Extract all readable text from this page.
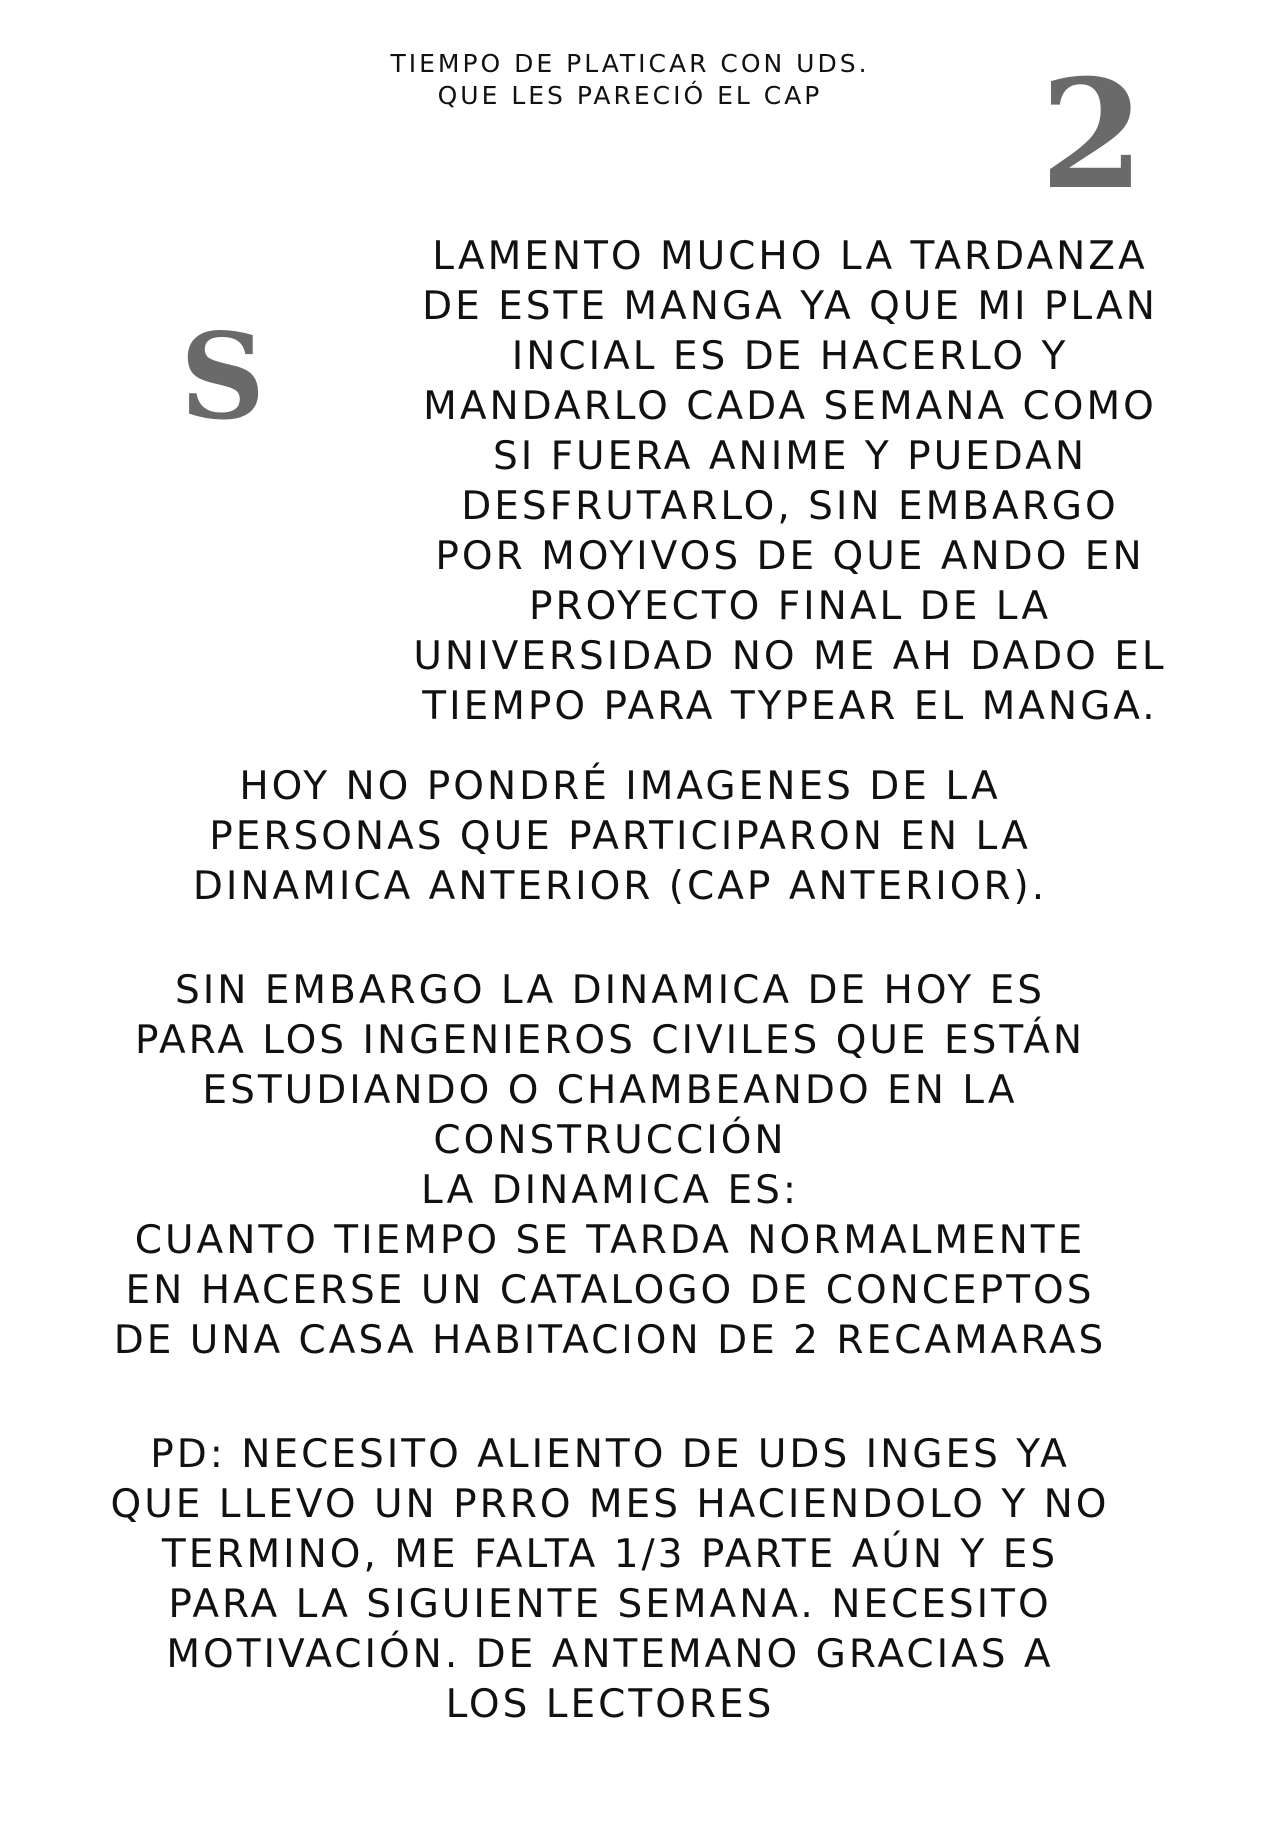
TIEMPO DE PLATICAR CON UDS.
QUE LES PARECIÓ EL CAP	2
S
LAMENTO MUCHO LA TARDANZA
DE ESTE MANGA YA QUE MI PLAN
INCIAL ES DE HACERLO Y
MANDARLO CADA SEMANA COMO
SI FUERA ANIME Y PUEDAN
DESFRUTARLO, SIN EMBARGO
POR MOYIVOS DE QUE ANDO EN
PROYECTO FINAL DE LA
UNIVERSIDAD NO ME AH DADO EL
TIEMPO PARA TYPEAR EL MANGA.
HOY NO PONDRÉ IMAGENES DE LA
PERSONAS QUE PARTICIPARON EN LA
DINAMICA ANTERIOR (CAP ANTERIOR).
SIN EMBARGO LA DINAMICA DE HOY ES
PARA LOS INGENIEROS CIVILES QUE ESTÁN
ESTUDIANDO O CHAMBEANDO EN LA
CONSTRUCCIÓN
LA DINAMICA ES:
CUANTO TIEMPO SE TARDA NORMALMENTE
EN HACERSE UN CATALOGO DE CONCEPTOS
DE UNA CASA HABITACION DE 2 RECAMARAS
PD: NECESITO ALIENTO DE UDS INGES YA
QUE LLEVO UN PRRO MES HACIENDOLO Y NO
TERMINO, ME FALTA 1/3 PARTE AÚN Y ES
PARA LA SIGUIENTE SEMANA. NECESITO
MOTIVACIÓN. DE ANTEMANO GRACIAS A
LOS LECTORES
